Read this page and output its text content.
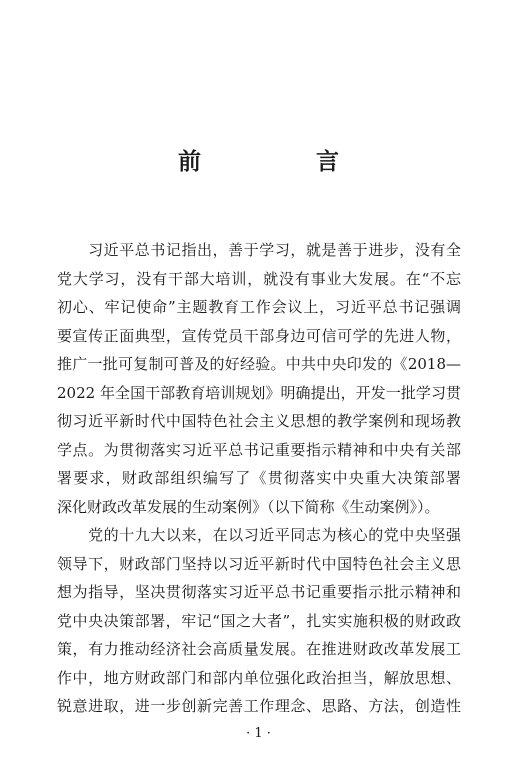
前　言
　　习近平总书记指出，善于学习，就是善于进步，没有全
党大学习，没有干部大培训，就没有事业大发展。在“不忘
初心、牢记使命”主题教育工作会议上，习近平总书记强调
要宣传正面典型，宣传党员干部身边可信可学的先进人物，
推广一批可复制可普及的好经验。中共中央印发的《2018—
2022 年全国干部教育培训规划》明确提出，开发一批学习贯
彻习近平新时代中国特色社会主义思想的教学案例和现场教
学点。为贯彻落实习近平总书记重要指示精神和中央有关部
署要求，财政部组织编写了《贯彻落实中央重大决策部署
深化财政改革发展的生动案例》（以下简称《生动案例》）。
　　党的十九大以来，在以习近平同志为核心的党中央坚强
领导下，财政部门坚持以习近平新时代中国特色社会主义思
想为指导，坚决贯彻落实习近平总书记重要指示批示精神和
党中央决策部署，牢记“国之大者”，扎实实施积极的财政政
策，有力推动经济社会高质量发展。在推进财政改革发展工
作中，地方财政部门和部内单位强化政治担当，解放思想、
锐意进取，进一步创新完善工作理念、思路、方法，创造性
· 1 ·
